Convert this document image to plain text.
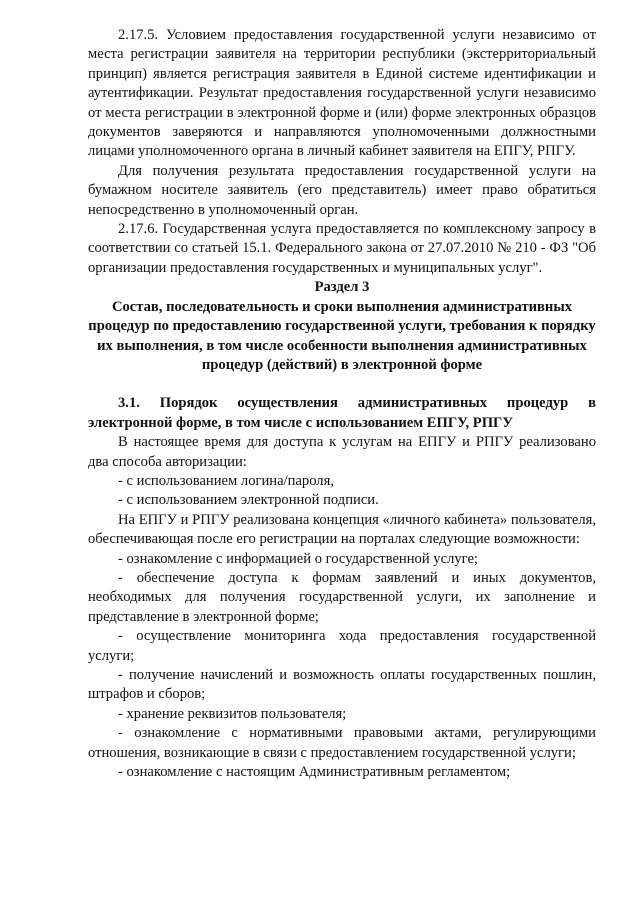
2.17.5. Условием предоставления государственной услуги независимо от места регистрации заявителя на территории республики (экстерриториальный принцип) является регистрация заявителя в Единой системе идентификации и аутентификации. Результат предоставления государственной услуги независимо от места регистрации в электронной форме и (или) форме электронных образцов документов заверяются и направляются уполномоченными должностными лицами уполномоченного органа в личный кабинет заявителя на ЕПГУ, РПГУ.

Для получения результата предоставления государственной услуги на бумажном носителе заявитель (его представитель) имеет право обратиться непосредственно в уполномоченный орган.

2.17.6. Государственная услуга предоставляется по комплексному запросу в соответствии со статьей 15.1. Федерального закона от 27.07.2010 № 210 - ФЗ "Об организации предоставления государственных и муниципальных услуг".

Раздел 3

Состав, последовательность и сроки выполнения административных процедур по предоставлению государственной услуги, требования к порядку их выполнения, в том числе особенности выполнения административных процедур (действий) в электронной форме

3.1. Порядок осуществления административных процедур в электронной форме, в том числе с использованием ЕПГУ, РПГУ

В настоящее время для доступа к услугам на ЕПГУ и РПГУ реализовано два способа авторизации:

- с использованием логина/пароля,

- с использованием электронной подписи.

На ЕПГУ и РПГУ реализована концепция «личного кабинета» пользователя, обеспечивающая после его регистрации на порталах следующие возможности:

- ознакомление с информацией о государственной услуге;

- обеспечение доступа к формам заявлений и иных документов, необходимых для получения государственной услуги, их заполнение и представление в электронной форме;

- осуществление мониторинга хода предоставления государственной услуги;

- получение начислений и возможность оплаты государственных пошлин, штрафов и сборов;

- хранение реквизитов пользователя;

- ознакомление с нормативными правовыми актами, регулирующими отношения, возникающие в связи с предоставлением государственной услуги;

- ознакомление с настоящим Административным регламентом;
